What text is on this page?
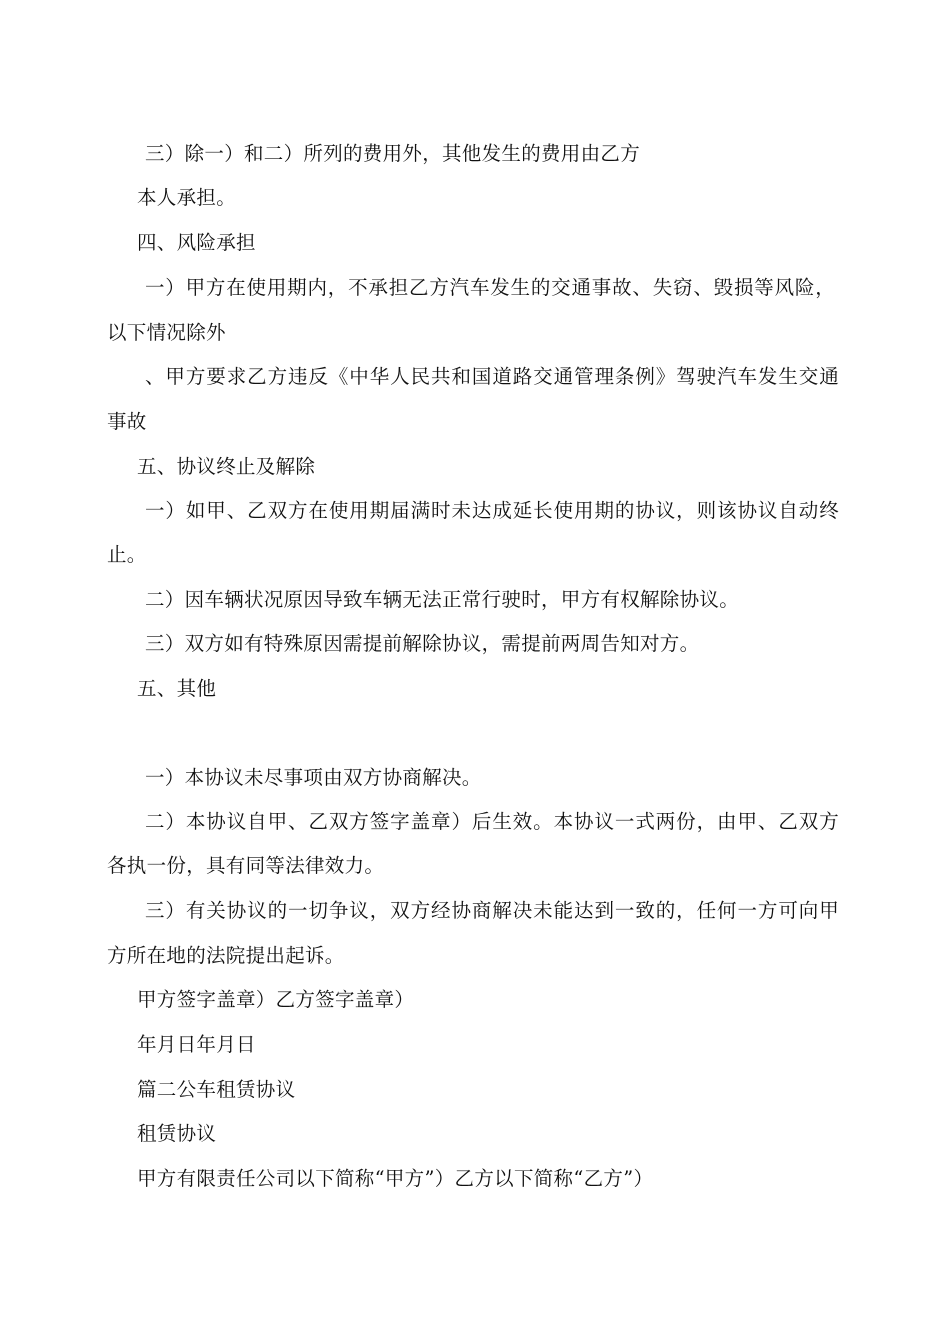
三）除一）和二）所列的费用外，其他发生的费用由乙方
本人承担。
四、风险承担
一）甲方在使用期内，不承担乙方汽车发生的交通事故、失窃、毁损等风险，
以下情况除外
、甲方要求乙方违反《中华人民共和国道路交通管理条例》驾驶汽车发生交通
事故
五、协议终止及解除
一）如甲、乙双方在使用期届满时未达成延长使用期的协议，则该协议自动终
止。
二）因车辆状况原因导致车辆无法正常行驶时，甲方有权解除协议。
三）双方如有特殊原因需提前解除协议，需提前两周告知对方。
五、其他
一）本协议未尽事项由双方协商解决。
二）本协议自甲、乙双方签字盖章）后生效。本协议一式两份，由甲、乙双方
各执一份，具有同等法律效力。
三）有关协议的一切争议，双方经协商解决未能达到一致的，任何一方可向甲
方所在地的法院提出起诉。
甲方签字盖章）乙方签字盖章）
年月日年月日
篇二公车租赁协议
租赁协议
甲方有限责任公司以下简称“甲方”）乙方以下简称“乙方”）
